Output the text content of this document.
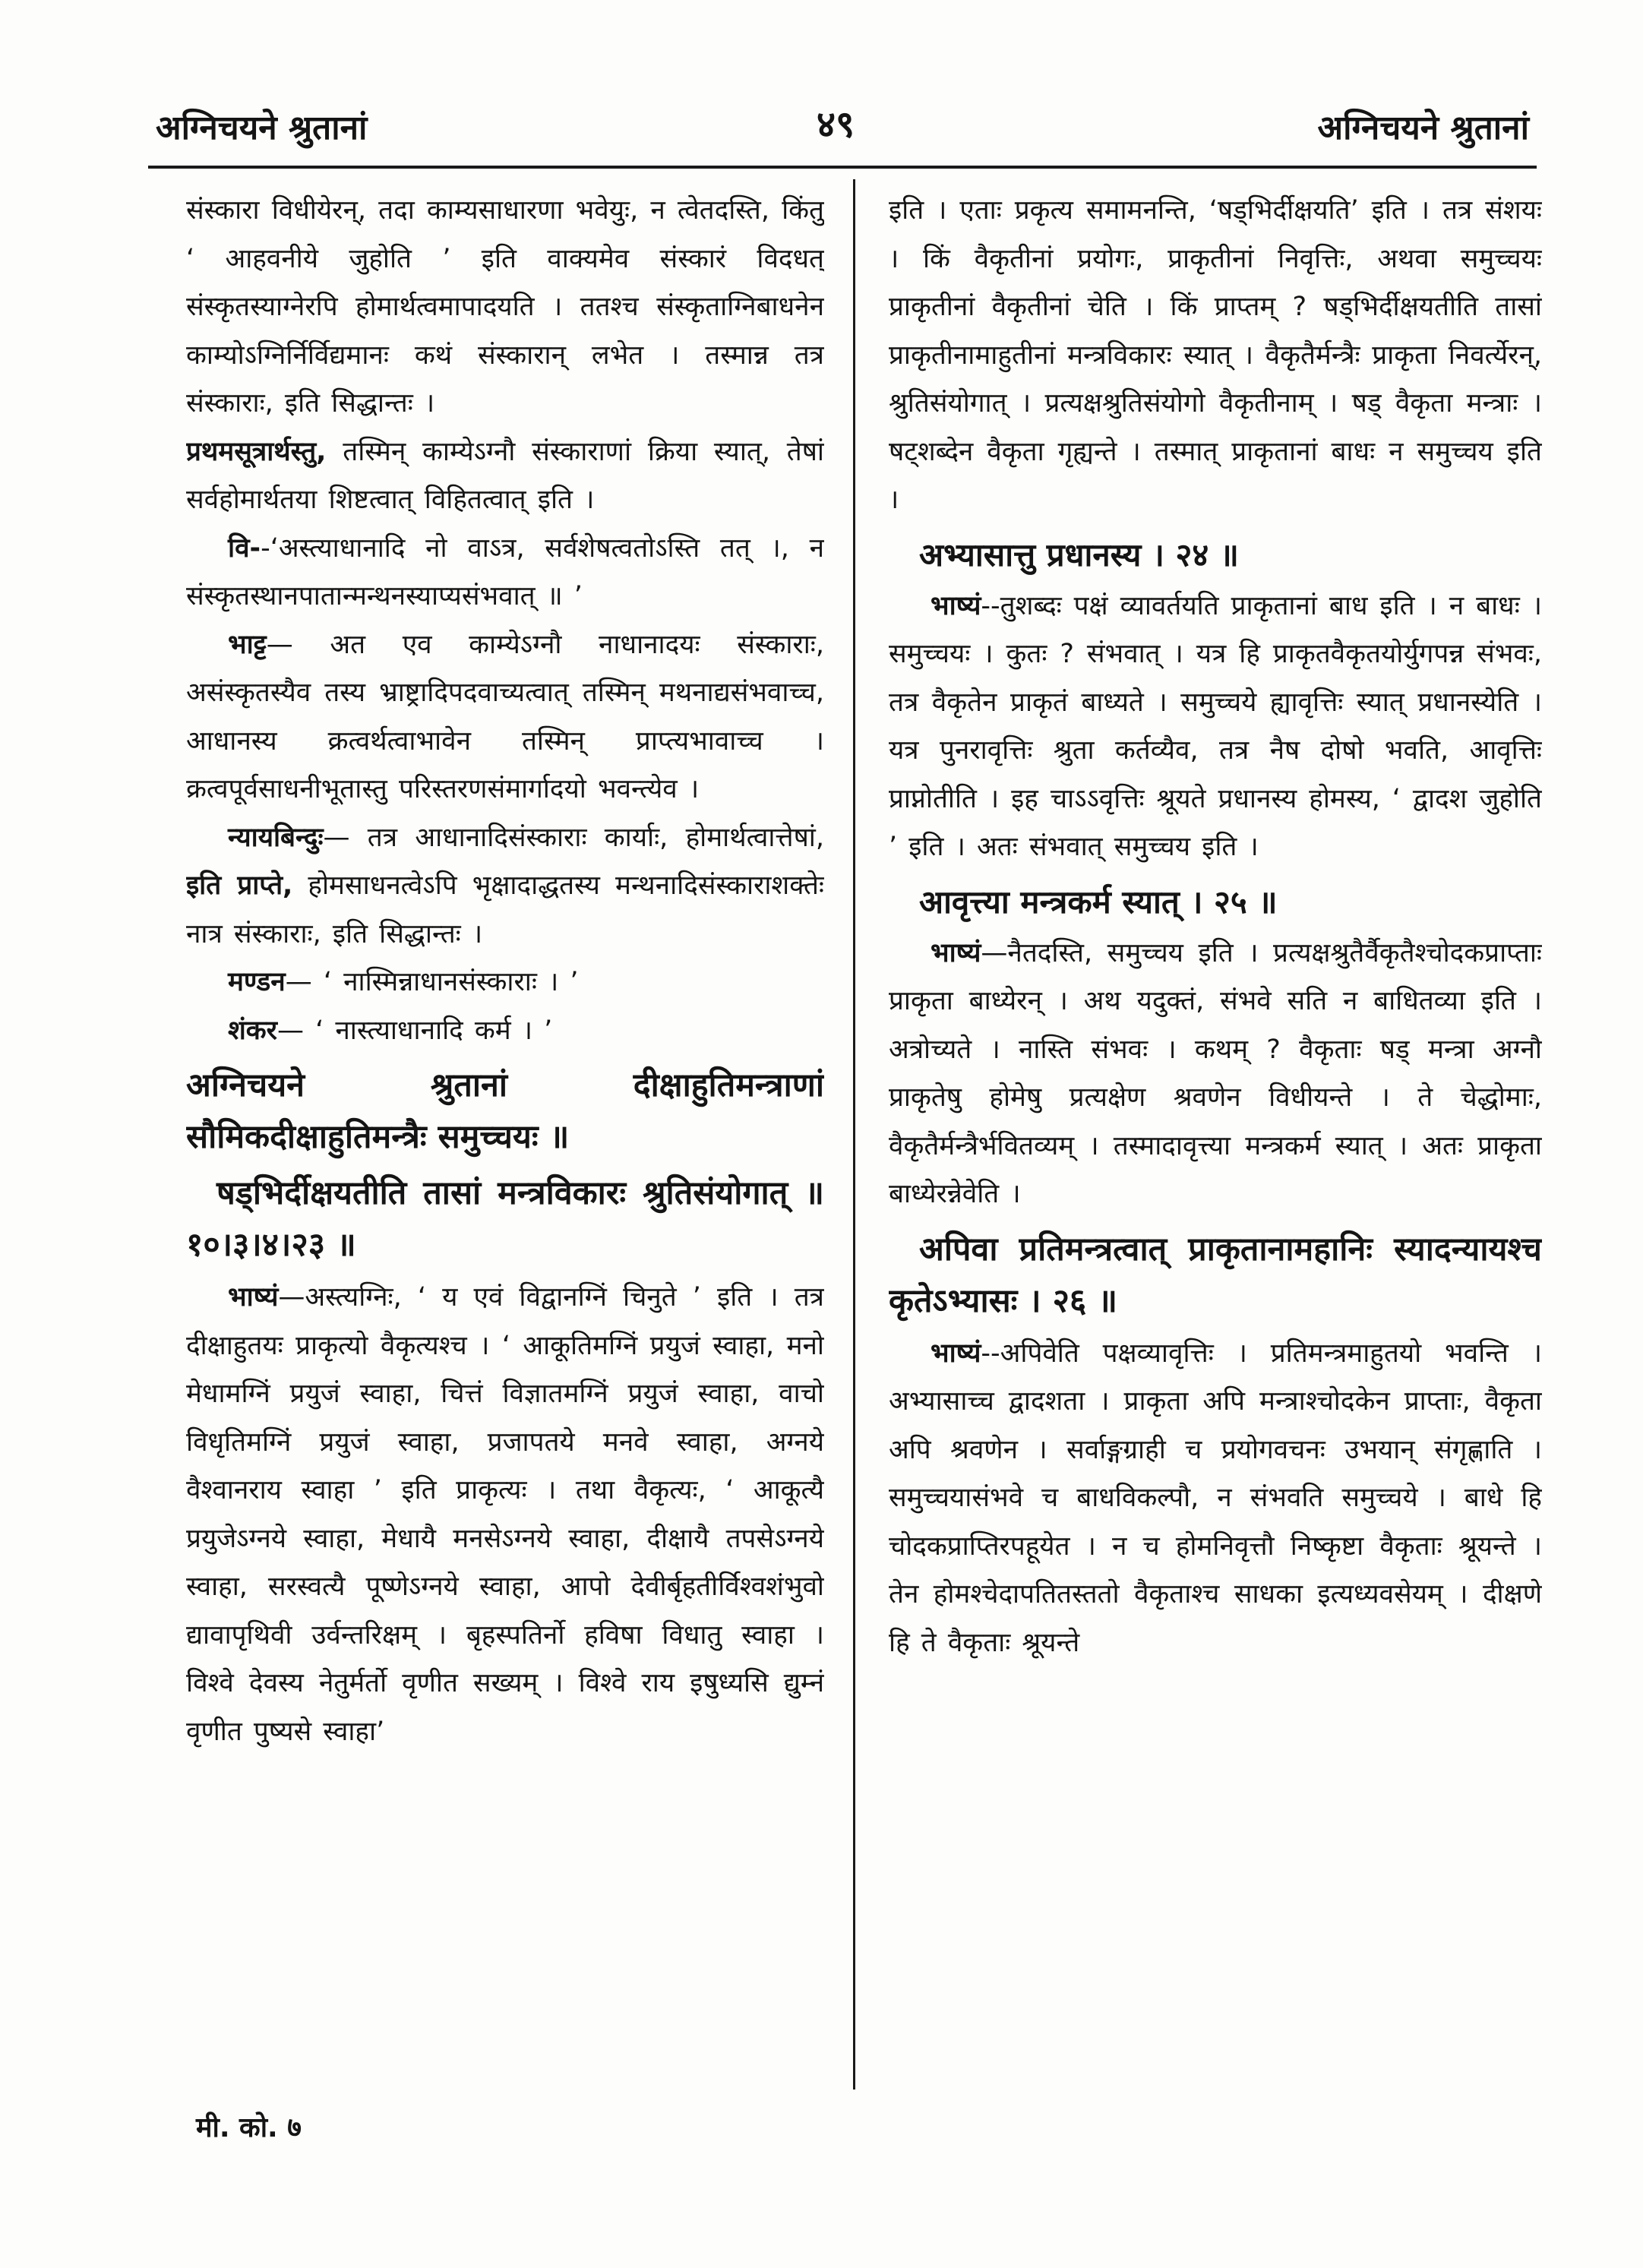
अग्निचयने श्रुतानां	४९	अग्निचयने श्रुतानां

संस्कारा विधीयेरन्, तदा काम्यसाधारणा भवेयुः, न त्वेतदस्ति, किंतु ‘ आहवनीये जुहोति ’ इति वाक्यमेव संस्कारं विदधत् संस्कृतस्याग्नेरपि होमार्थत्वमापादयति । ततश्च संस्कृताग्निबाधनेन काम्योऽग्निर्निर्विद्यमानः कथं संस्कारान् लभेत । तस्मान्न तत्र संस्काराः, इति सिद्धान्तः ।

प्रथमसूत्रार्थस्तु, तस्मिन् काम्येऽग्नौ संस्काराणां क्रिया स्यात्, तेषां सर्वहोमार्थतया शिष्टत्वात् विहितत्वात् इति ।

वि--‘अस्त्याधानादि नो वाऽत्र, सर्वशेषत्वतोऽस्ति तत् ।, न संस्कृतस्थानपातान्मन्थनस्याप्यसंभवात् ॥ ’

भाट्ट— अत एव काम्येऽग्नौ नाधानादयः संस्काराः, असंस्कृतस्यैव तस्य भ्राष्ट्रादिपदवाच्यत्वात् तस्मिन् मथनाद्यसंभवाच्च, आधानस्य क्रत्वर्थत्वाभावेन तस्मिन् प्राप्त्यभावाच्च । क्रत्वपूर्वसाधनीभूतास्तु परिस्तरणसंमार्गादयो भवन्त्येव ।

न्यायबिन्दुः— तत्र आधानादिसंस्काराः कार्याः, होमार्थत्वात्तेषां, इति प्राप्ते, होमसाधनत्वेऽपि भृक्षादाद्धतस्य मन्थनादिसंस्काराशक्तेः नात्र संस्काराः, इति सिद्धान्तः ।

मण्डन— ‘ नास्मिन्नाधानसंस्काराः । ’

शंकर— ‘ नास्त्याधानादि कर्म । ’

अग्निचयने श्रुतानां दीक्षाहुतिमन्त्राणां सौमिकदीक्षाहुतिमन्त्रैः समुच्चयः ॥

षड्भिर्दीक्षयतीति तासां मन्त्रविकारः श्रुतिसंयोगात् ॥ १०।३।४।२३ ॥

भाष्यं—अस्त्यग्निः, ‘ य एवं विद्वानग्निं चिनुते ’ इति । तत्र दीक्षाहुतयः प्राकृत्यो वैकृत्यश्च । ‘ आकूतिमग्निं प्रयुजं स्वाहा, मनो मेधामग्निं प्रयुजं स्वाहा, चित्तं विज्ञातमग्निं प्रयुजं स्वाहा, वाचो विधृतिमग्निं प्रयुजं स्वाहा, प्रजापतये मनवे स्वाहा, अग्नये वैश्वानराय स्वाहा ’ इति प्राकृत्यः । तथा वैकृत्यः, ‘ आकूत्यै प्रयुजेऽग्नये स्वाहा, मेधायै मनसेऽग्नये स्वाहा, दीक्षायै तपसेऽग्नये स्वाहा, सरस्वत्यै पूष्णेऽग्नये स्वाहा, आपो देवीर्बृहतीर्विश्वशंभुवो द्यावापृथिवी उर्वन्तरिक्षम् । बृहस्पतिर्नो हविषा विधातु स्वाहा । विश्वे देवस्य नेतुर्मर्तो वृणीत सख्यम् । विश्वे राय इषुध्यसि द्युम्नं वृणीत पुष्यसे स्वाहा’

इति । एताः प्रकृत्य समामनन्ति, ‘षड्भिर्दीक्षयति’ इति । तत्र संशयः । किं वैकृतीनां प्रयोगः, प्राकृतीनां निवृत्तिः, अथवा समुच्चयः प्राकृतीनां वैकृतीनां चेति । किं प्राप्तम् ? षड्भिर्दीक्षयतीति तासां प्राकृतीनामाहुतीनां मन्त्रविकारः स्यात् । वैकृतैर्मन्त्रैः प्राकृता निवर्त्येरन्, श्रुतिसंयोगात् । प्रत्यक्षश्रुतिसंयोगो वैकृतीनाम् । षड् वैकृता मन्त्राः । षट्शब्देन वैकृता गृह्यन्ते । तस्मात् प्राकृतानां बाधः न समुच्चय इति ।

अभ्यासात्तु प्रधानस्य । २४ ॥

भाष्यं--तुशब्दः पक्षं व्यावर्तयति प्राकृतानां बाध इति । न बाधः । समुच्चयः । कुतः ? संभवात् । यत्र हि प्राकृतवैकृतयोर्युगपन्न संभवः, तत्र वैकृतेन प्राकृतं बाध्यते । समुच्चये ह्यावृत्तिः स्यात् प्रधानस्येति । यत्र पुनरावृत्तिः श्रुता कर्तव्यैव, तत्र नैष दोषो भवति, आवृत्तिः प्राप्नोतीति । इह चाऽऽवृत्तिः श्रूयते प्रधानस्य होमस्य, ‘ द्वादश जुहोति ’ इति । अतः संभवात् समुच्चय इति ।

आवृत्त्या मन्त्रकर्म स्यात् । २५ ॥

भाष्यं—नैतदस्ति, समुच्चय इति । प्रत्यक्षश्रुतैर्वैकृतैश्चोदकप्राप्ताः प्राकृता बाध्येरन् । अथ यदुक्तं, संभवे सति न बाधितव्या इति । अत्रोच्यते । नास्ति संभवः । कथम् ? वैकृताः षड् मन्त्रा अग्नौ प्राकृतेषु होमेषु प्रत्यक्षेण श्रवणेन विधीयन्ते । ते चेद्धोमाः, वैकृतैर्मन्त्रैर्भवितव्यम् । तस्मादावृत्त्या मन्त्रकर्म स्यात् । अतः प्राकृता बाध्येरन्नेवेति ।

अपिवा प्रतिमन्त्रत्वात् प्राकृतानामहानिः स्यादन्यायश्च कृतेऽभ्यासः । २६ ॥

भाष्यं--अपिवेति पक्षव्यावृत्तिः । प्रतिमन्त्रमाहुतयो भवन्ति । अभ्यासाच्च द्वादशता । प्राकृता अपि मन्त्राश्चोदकेन प्राप्ताः, वैकृता अपि श्रवणेन । सर्वाङ्गग्राही च प्रयोगवचनः उभयान् संगृह्णाति । समुच्चयासंभवे च बाधविकल्पौ, न संभवति समुच्चये । बाधे हि चोदकप्राप्तिरपहूयेत । न च होमनिवृत्तौ निष्कृष्टा वैकृताः श्रूयन्ते । तेन होमश्चेदापतितस्ततो वैकृताश्च साधका इत्यध्यवसेयम् । दीक्षणे हि ते वैकृताः श्रूयन्ते

मी. को. ७
